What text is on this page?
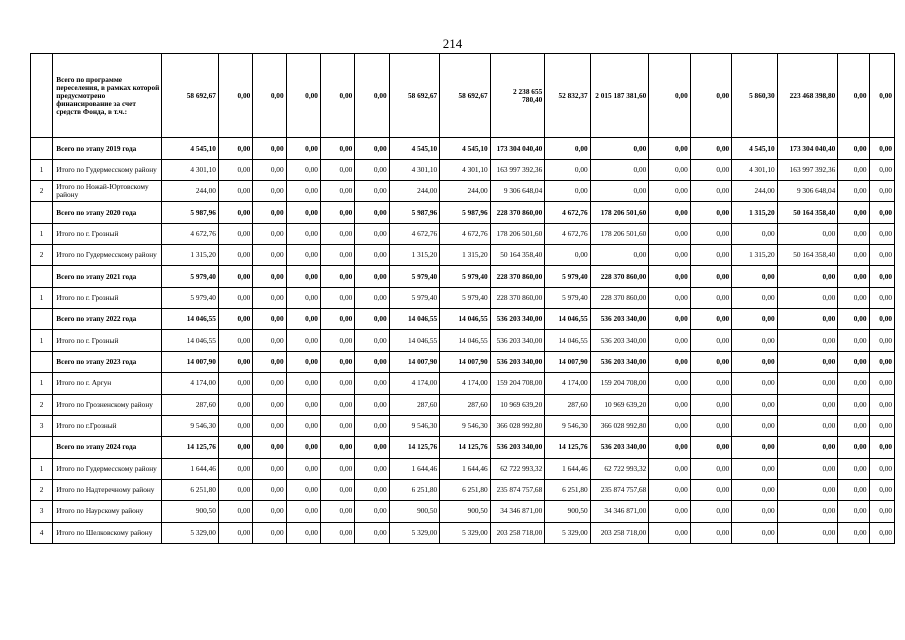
214
	Всего по программе переселения, в рамках которой предусмотрено финансирование за счет средств Фонда, в т.ч.:	58 692,67	0,00	0,00	0,00	0,00	0,00	58 692,67	58 692,67	2 238 655 780,40	52 832,37	2 015 187 381,60	0,00	0,00	5 860,30	223 468 398,80	0,00	0,00
	Всего по этапу 2019 года	4 545,10	0,00	0,00	0,00	0,00	0,00	4 545,10	4 545,10	173 304 040,40	0,00	0,00	0,00	0,00	4 545,10	173 304 040,40	0,00	0,00
1	Итого по Гудермесскому району	4 301,10	0,00	0,00	0,00	0,00	0,00	4 301,10	4 301,10	163 997 392,36	0,00	0,00	0,00	0,00	4 301,10	163 997 392,36	0,00	0,00
2	Итого по Ножай-Юртовскому району	244,00	0,00	0,00	0,00	0,00	0,00	244,00	244,00	9 306 648,04	0,00	0,00	0,00	0,00	244,00	9 306 648,04	0,00	0,00
	Всего по этапу 2020 года	5 987,96	0,00	0,00	0,00	0,00	0,00	5 987,96	5 987,96	228 370 860,00	4 672,76	178 206 501,60	0,00	0,00	1 315,20	50 164 358,40	0,00	0,00
1	Итого по г. Грозный	4 672,76	0,00	0,00	0,00	0,00	0,00	4 672,76	4 672,76	178 206 501,60	4 672,76	178 206 501,60	0,00	0,00	0,00	0,00	0,00	0,00
2	Итого по Гудермесскому району	1 315,20	0,00	0,00	0,00	0,00	0,00	1 315,20	1 315,20	50 164 358,40	0,00	0,00	0,00	0,00	1 315,20	50 164 358,40	0,00	0,00
	Всего по этапу 2021 года	5 979,40	0,00	0,00	0,00	0,00	0,00	5 979,40	5 979,40	228 370 860,00	5 979,40	228 370 860,00	0,00	0,00	0,00	0,00	0,00	0,00
1	Итого по г. Грозный	5 979,40	0,00	0,00	0,00	0,00	0,00	5 979,40	5 979,40	228 370 860,00	5 979,40	228 370 860,00	0,00	0,00	0,00	0,00	0,00	0,00
	Всего по этапу 2022 года	14 046,55	0,00	0,00	0,00	0,00	0,00	14 046,55	14 046,55	536 203 340,00	14 046,55	536 203 340,00	0,00	0,00	0,00	0,00	0,00	0,00
1	Итого по г. Грозный	14 046,55	0,00	0,00	0,00	0,00	0,00	14 046,55	14 046,55	536 203 340,00	14 046,55	536 203 340,00	0,00	0,00	0,00	0,00	0,00	0,00
	Всего по этапу 2023 года	14 007,90	0,00	0,00	0,00	0,00	0,00	14 007,90	14 007,90	536 203 340,00	14 007,90	536 203 340,00	0,00	0,00	0,00	0,00	0,00	0,00
1	Итого по г. Аргун	4 174,00	0,00	0,00	0,00	0,00	0,00	4 174,00	4 174,00	159 204 708,00	4 174,00	159 204 708,00	0,00	0,00	0,00	0,00	0,00	0,00
2	Итого по Грозненскому району	287,60	0,00	0,00	0,00	0,00	0,00	287,60	287,60	10 969 639,20	287,60	10 969 639,20	0,00	0,00	0,00	0,00	0,00	0,00
3	Итого по г.Грозный	9 546,30	0,00	0,00	0,00	0,00	0,00	9 546,30	9 546,30	366 028 992,80	9 546,30	366 028 992,80	0,00	0,00	0,00	0,00	0,00	0,00
	Всего по этапу 2024 года	14 125,76	0,00	0,00	0,00	0,00	0,00	14 125,76	14 125,76	536 203 340,00	14 125,76	536 203 340,00	0,00	0,00	0,00	0,00	0,00	0,00
1	Итого по Гудермесскому району	1 644,46	0,00	0,00	0,00	0,00	0,00	1 644,46	1 644,46	62 722 993,32	1 644,46	62 722 993,32	0,00	0,00	0,00	0,00	0,00	0,00
2	Итого по Надтеречному району	6 251,80	0,00	0,00	0,00	0,00	0,00	6 251,80	6 251,80	235 874 757,68	6 251,80	235 874 757,68	0,00	0,00	0,00	0,00	0,00	0,00
3	Итого по Наурскому району	900,50	0,00	0,00	0,00	0,00	0,00	900,50	900,50	34 346 871,00	900,50	34 346 871,00	0,00	0,00	0,00	0,00	0,00	0,00
4	Итого по Шелковскому району	5 329,00	0,00	0,00	0,00	0,00	0,00	5 329,00	5 329,00	203 258 718,00	5 329,00	203 258 718,00	0,00	0,00	0,00	0,00	0,00	0,00
